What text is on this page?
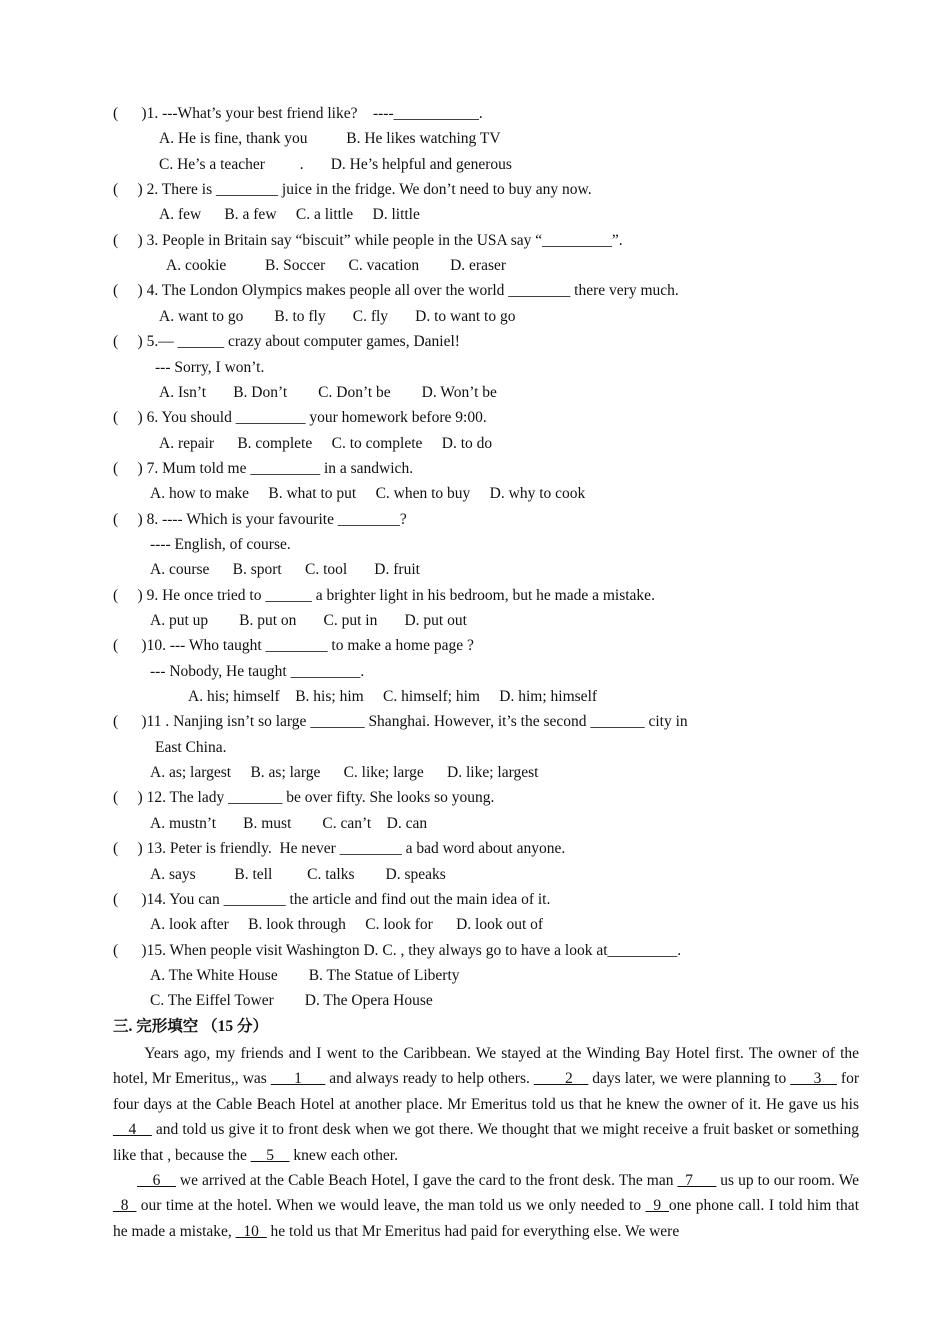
(      )1. ---What’s your best friend like?    ----___________.
A. He is fine, thank you          B. He likes watching TV
C. He’s a teacher         .       D. He’s helpful and generous
(     ) 2. There is ________ juice in the fridge. We don’t need to buy any now.
A. few      B. a few     C. a little     D. little
(     ) 3. People in Britain say “biscuit” while people in the USA say “_________”.
A. cookie          B. Soccer      C. vacation        D. eraser
(     ) 4. The London Olympics makes people all over the world ________ there very much.
A. want to go        B. to fly       C. fly       D. to want to go
(     ) 5.— ______ crazy about computer games, Daniel!
--- Sorry, I won’t.
A. Isn’t       B. Don’t        C. Don’t be        D. Won’t be
(     ) 6. You should _________ your homework before 9:00.
A. repair      B. complete     C. to complete     D. to do
(     ) 7. Mum told me _________ in a sandwich.
A. how to make     B. what to put     C. when to buy     D. why to cook
(     ) 8. ---- Which is your favourite ________?
---- English, of course.
A. course      B. sport      C. tool       D. fruit
(     ) 9. He once tried to ______ a brighter light in his bedroom, but he made a mistake.
A. put up        B. put on       C. put in       D. put out
(      )10. --- Who taught ________ to make a home page ?
--- Nobody, He taught _________.
A. his; himself    B. his; him     C. himself; him     D. him; himself
(      )11 . Nanjing isn’t so large _______ Shanghai. However, it’s the second _______ city in
East China.
A. as; largest     B. as; large      C. like; large      D. like; largest
(     ) 12. The lady _______ be over fifty. She looks so young.
A. mustn’t       B. must        C. can’t    D. can
(     ) 13. Peter is friendly.  He never ________ a bad word about anyone.
A. says          B. tell         C. talks        D. speaks
(      )14. You can ________ the article and find out the main idea of it.
A. look after     B. look through     C. look for      D. look out of
(      )15. When people visit Washington D. C. , they always go to have a look at_________.
A. The White House        B. The Statue of Liberty
C. The Eiffel Tower        D. The Opera House
三. 完形填空 （15 分）
Years ago, my friends and I went to the Caribbean. We stayed at the Winding Bay Hotel first. The owner of the hotel, Mr Emeritus,, was ___1___ and always ready to help others. ____2__ days later, we were planning to ___3__ for four days at the Cable Beach Hotel at another place. Mr Emeritus told us that he knew the owner of it. He gave us his __4__ and told us give it to front desk when we got there. We thought that we might receive a fruit basket or something like that , because the __5__ knew each other.
__6__ we arrived at the Cable Beach Hotel, I gave the card to the front desk. The man _7___ us up to our room. We _8_ our time at the hotel. When we would leave, the man told us we only needed to _9_one phone call. I told him that he made a mistake, _10_ he told us that Mr Emeritus had paid for everything else. We were
